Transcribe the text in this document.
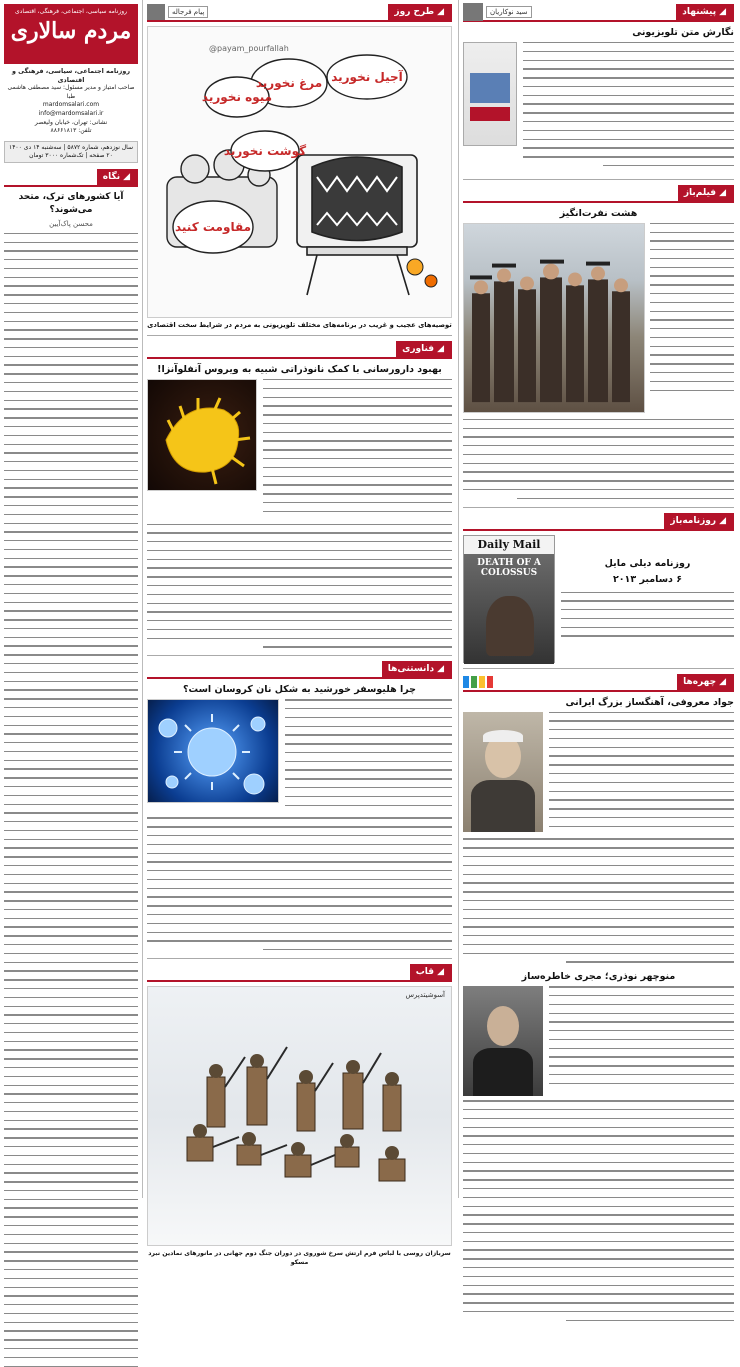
◢
پیشنهاد
سید نوکاریان
نگارش متن تلویزیونی
◢
فیلم‌باز
هشت نفرت‌انگیز
◢
روزنامه‌باز
روزنامه دیلی مایل
۶ دسامبر ۲۰۱۳
Daily Mail
DEATH OF A COLOSSUS
◢
چهره‌ها
جواد معروفی، آهنگساز بزرگ ایرانی
منوچهر نوذری؛ مجری خاطره‌ساز
◢
طرح روز
پیام فرجاله
@payam_pourfallah
میوه نخورید
مرغ نخورید آجیل نخورید
گوشت نخورید
مقاومت کنید
توصیه‌های عجیب و غریب در برنامه‌های مختلف تلویزیونی به مردم در شرایط سخت اقتصادی
◢
فناوری
بهبود دارورسانی با کمک نانوذراتی شبیه به ویروس آنفلوآنزا!
◢
دانستنی‌ها
چرا هلیوسفر خورشید به شکل نان کروسان است؟
◢
قاب
آسوشیتدپرس
سربازان روسی با لباس فرم ارتش سرخ شوروی در دوران جنگ دوم جهانی در مانورهای نمادین نبرد مسکو
روزنامه سیاسی، اجتماعی، فرهنگی، اقتصادی
مردم سالاری
روزنامه اجتماعی، سیاسی، فرهنگی و اقتصادی
صاحب امتیاز و مدیر مسئول: سید مصطفی هاشمی طبا
mardomsalari.com
info@mardomsalari.ir
نشانی: تهران، خیابان ولیعصر
تلفن: ۸۸۶۶۱۸۱۳
سال نوزدهم، شماره ۵۸۷۲ | سه‌شنبه ۱۴ دی ۱۴۰۰
۲۰ صفحه | تک‌شماره ۳۰۰۰ تومان
◢
نگاه
آیا کشورهای ترک، متحد می‌شوند؟
محسن پاک‌آیین
